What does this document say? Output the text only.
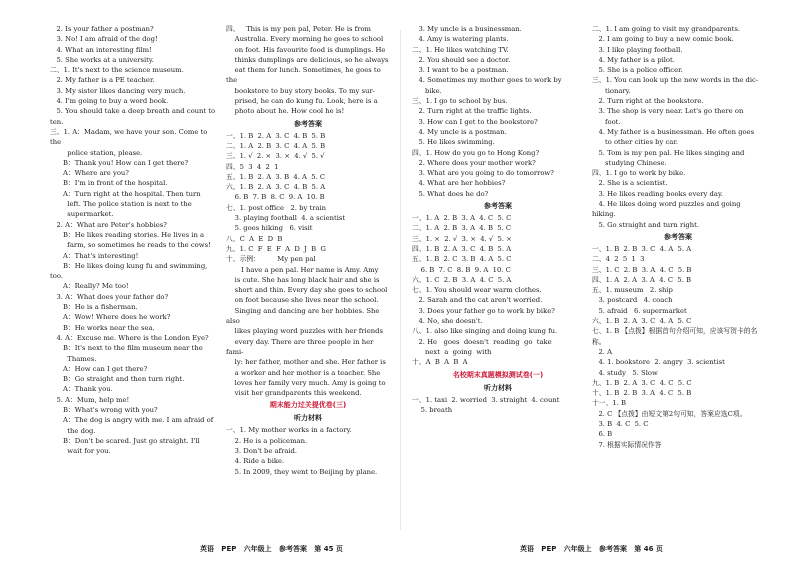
2. Is your father a postman?

3. No! I am afraid of the dog!

4. What an interesting film!

5. She works at a university.

二、1. It's next to the science museum.

2. My father is a PE teacher.

3. My sister likes dancing very much.

4. I'm going to buy a word book.

5. You should take a deep breath and count to ten.

三、1. A：Madam, we have your son. Come to the

police station, please.

B：Thank you! How can I get there?

A：Where are you?

B：I'm in front of the hospital.

A：Turn right at the hospital. Then turn

left. The police station is next to the

supermarket.

2. A：What are Peter's hobbies?

B：He likes reading stories. He lives in a

farm, so sometimes he reads to the cows!

A：That's interesting!

B：He likes doing kung fu and swimming, too.

A：Really? Me too!

3. A：What does your father do?

B：He is a fisherman.

A：Wow! Where does he work?

B：He works near the sea.

4. A：Excuse me. Where is the London Eye?

B：It's next to the film museum near the

Thames.

A：How can I get there?

B：Go straight and then turn right.

A：Thank you.

5. A：Mum, help me!

B：What's wrong with you?

A：The dog is angry with me. I am afraid of

the dog.

B：Don't be scared. Just go straight. I'll

wait for you.

四、   This is my pen pal, Peter. He is from

Australia. Every morning he goes to school

on foot. His favourite food is dumplings. He

thinks dumplings are delicious, so he always

eat them for lunch. Sometimes, he goes to the

bookstore to buy story books. To my sur-

prised, he can do kung fu. Look, here is a

photo about he. How cool he is!

参考答案

一、1. B  2. A  3. C  4. B  5. B

二、1. A  2. B  3. C  4. A  5. B

三、1. √  2. ×  3. ×  4. √  5. √

四、5  3  4  2  1

五、1. B  2. A  3. B  4. A  5. C

六、1. B  2. A  3. C  4. B  5. A

6. B  7. B  8. C  9. A  10. B

七、1. post office   2. by train

3. playing football  4. a scientist

5. goes hiking   6. visit

八、C  A  E  D  B

九、1. C  F  E  F  A  D  J  B  G

十、示例：        My pen pal

I have a pen pal. Her name is Amy. Amy

is cute. She has long black hair and she is

short and thin. Every day she goes to school

on foot because she lives near the school.

Singing and dancing are her hobbies. She also

likes playing word puzzles with her friends

every day. There are three people in her fami-

ly: her father, mother and she. Her father is

a worker and her mother is a teacher. She

loves her family very much. Amy is going to

visit her grandparents this weekend.

期末能力过关提优卷(三)

听力材料

一、1. My mother works in a factory.

2. He is a policeman.

3. Don't be afraid.

4. Ride a bike.

5. In 2009, they went to Beijing by plane.

3. My uncle is a businessman.

4. Amy is watering plants.

二、1. He likes watching TV.

2. You should see a doctor.

3. I want to be a postman.

4. Sometimes my mother goes to work by

bike.

三、1. I go to school by bus.

2. Turn right at the traffic lights.

3. How can I get to the bookstore?

4. My uncle is a postman.

5. He likes swimming.

四、1. How do you go to Hong Kong?

2. Where does your mother work?

3. What are you going to do tomorrow?

4. What are her hobbies?

5. What does he do?

参考答案

一、1. A  2. B  3. A  4. C  5. C

二、1. A  2. B  3. A  4. B  5. C

三、1. ×  2. √  3. ×  4. √  5. ×

四、1. B  2. A  3. C  4. B  5. A

五、1. B  2. C  3. B  4. A  5. C

6. B  7. C  8. B  9. A  10. C

六、1. C  2. B  3. A  4. C  5. A

七、1. You should wear warm clothes.

2. Sarah and the cat aren't worried.

3. Does your father go to work by bike?

4. No, she doesn't.

八、1. also like singing and doing kung fu.

2. He   goes  doesn't  reading  go  take

next  a  going  with

十、A  B  A  B  A

名校期末真题模拟测试卷(一)

听力材料

一、1. taxi  2. worried  3. straight  4. count

5. breath

二、1. I am going to visit my grandparents.

2. I am going to buy a new comic book.

3. I like playing football.

4. My father is a pilot.

5. She is a police officer.

三、1. You can look up the new words in the dic-

tionary.

2. Turn right at the bookstore.

3. The shop is very near. Let's go there on

foot.

4. My father is a businessman. He often goes

to other cities by car.

5. Tom is my pen pal. He likes singing and

studying Chinese.

四、1. I go to work by bike.

2. She is a scientist.

3. He likes reading books every day.

4. He likes doing word puzzles and going hiking.

5. Go straight and turn right.

参考答案

一、1. B  2. B  3. C  4. A  5. A

二、4  2  5  1  3

三、1. C  2. B  3. A  4. C  5. B

四、1. A  2. A  3. A  4. C  5. B

五、1. museum   2. ship

3. postcard   4. coach

5. afraid   6. supermarket

六、1. B  2. A  3. C  4. A  5. C

七、1. B 【点拨】根据首句介绍可知，应该写贺卡的名称。

2. A

4. 1. bookstore  2. angry  3. scientist

4. study   5. Slow

九、1. B  2. A  3. C  4. C  5. C

十、1. B  2. B  3. A  4. C  5. B

十一、1. B

2. C 【点拨】由短文第2句可知，答案应选C项。

3. B  4. C  5. C

6. B

7. 根据实际情况作答

英语   PEP   六年级上   参考答案   第 45 页	英语   PEP   六年级上   参考答案   第 46 页
